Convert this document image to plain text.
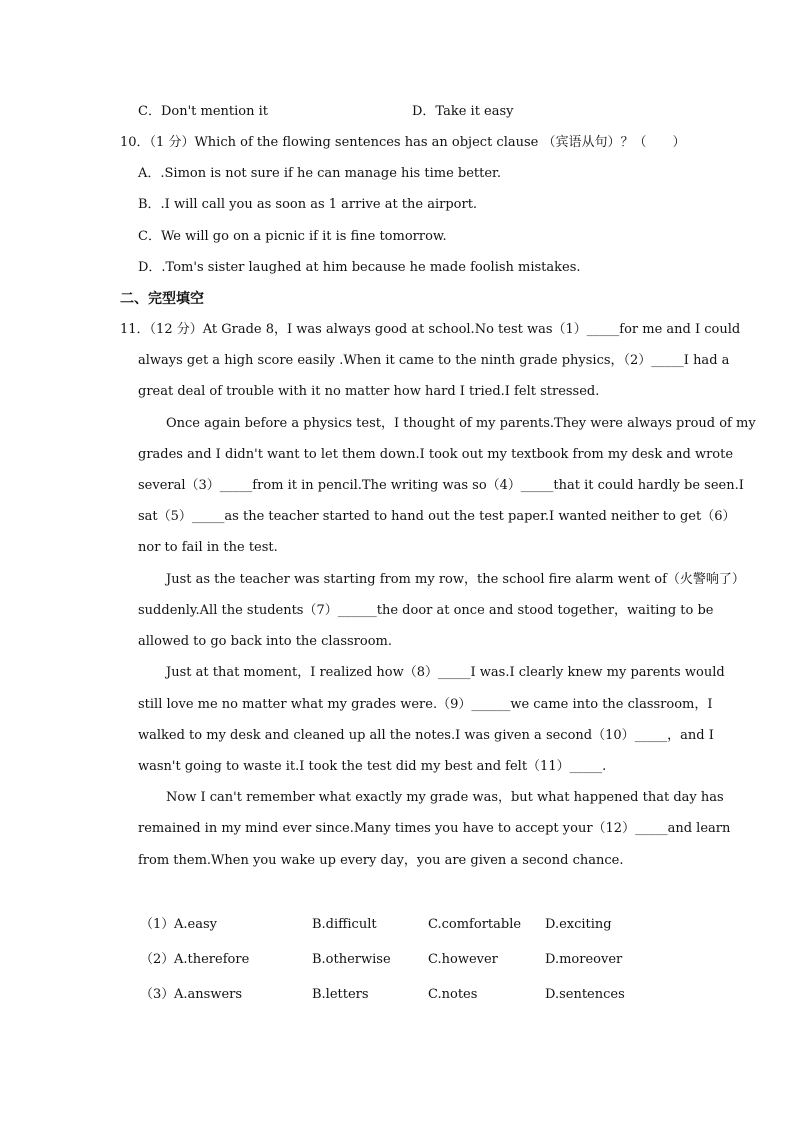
C．Don't mention it	D．Take it easy
10．（1 分）Which of the flowing sentences has an object clause （宾语从句）？（　　）
A．.Simon is not sure if he can manage his time better.
B．.I will call you as soon as 1 arrive at the airport.
C．We will go on a picnic if it is fine tomorrow.
D．.Tom's sister laughed at him because he made foolish mistakes.
二、完型填空
11．（12 分）At Grade 8，I was always good at school.No test was（1）_____for me and I could
always get a high score easily .When it came to the ninth grade physics，（2）_____I had a
great deal of trouble with it no matter how hard I tried.I felt stressed.
Once again before a physics test，I thought of my parents.They were always proud of my
grades and I didn't want to let them down.I took out my textbook from my desk and wrote
several（3）_____from it in pencil.The writing was so（4）_____that it could hardly be seen.I
sat（5）_____as the teacher started to hand out the test paper.I wanted neither to get（6）
nor to fail in the test.
Just as the teacher was starting from my row，the school fire alarm went of（火警响了）
suddenly.All the students（7）______the door at once and stood together，waiting to be
allowed to go back into the classroom.
Just at that moment，I realized how（8）_____I was.I clearly knew my parents would
still love me no matter what my grades were.（9）______we came into the classroom，I
walked to my desk and cleaned up all the notes.I was given a second（10）_____，and I
wasn't going to waste it.I took the test did my best and felt（11）_____.
Now I can't remember what exactly my grade was，but what happened that day has
remained in my mind ever since.Many times you have to accept your（12）_____and learn
from them.When you wake up every day，you are given a second chance.
（1） A.easy	B.difficult	C.comfortable D.exciting
（2） A.therefore	B.otherwise	C.however	D.moreover
（3） A.answers	B.letters	C.notes	D.sentences
